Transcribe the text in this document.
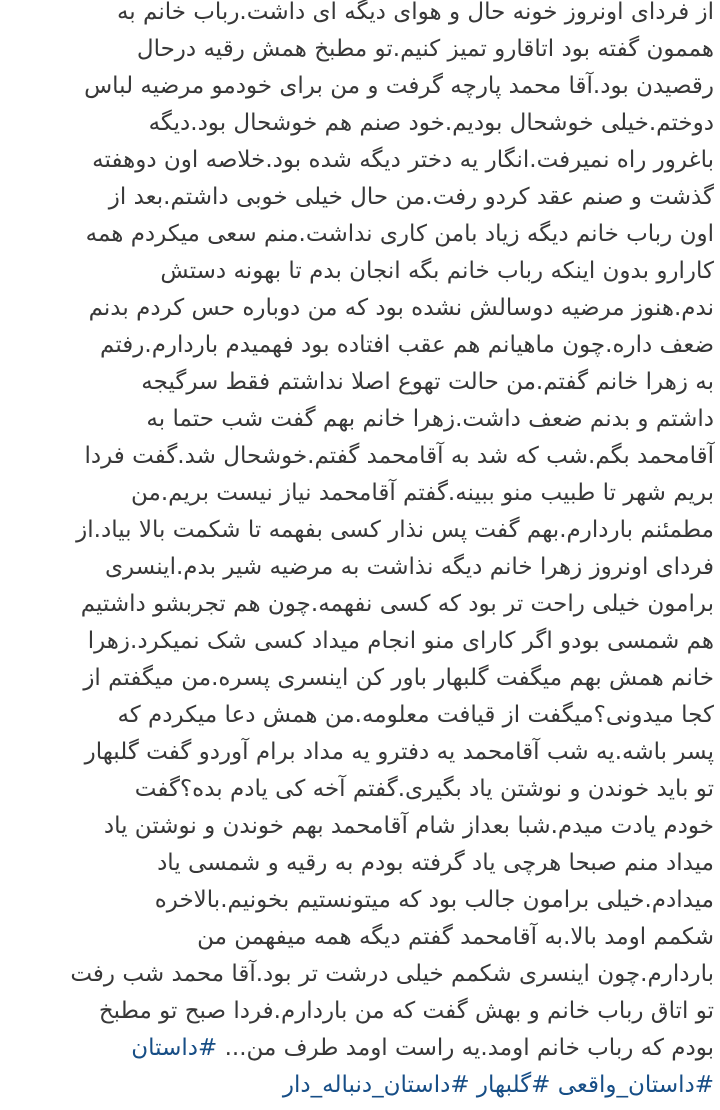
از فردای اونروز خونه حال و هوای دیگه ای داشت.رباب خانم به
هممون گفته بود اتاقارو تمیز کنیم.تو مطبخ همش رقیه درحال
رقصیدن بود.آقا محمد پارچه گرفت و من برای خودمو مرضیه لباس
دوختم.خیلی خوشحال بودیم.خود صنم هم خوشحال بود.دیگه
باغرور راه نمیرفت.انگار یه دختر دیگه شده بود.خلاصه اون دوهفته
گذشت و صنم عقد کردو رفت.من حال خیلی خوبی داشتم.بعد از
اون رباب خانم دیگه زیاد بامن کاری نداشت.منم سعی میکردم همه
کارارو بدون اینکه رباب خانم بگه انجان بدم تا بهونه دستش
ندم.هنوز مرضیه دوسالش نشده بود که من دوباره حس کردم بدنم
ضعف داره.چون ماهیانم هم عقب افتاده بود فهمیدم باردارم.رفتم
به زهرا خانم گفتم.من حالت تهوع اصلا نداشتم فقط سرگیجه
داشتم و بدنم ضعف داشت.زهرا خانم بهم گفت شب حتما به
آقامحمد بگم.شب که شد به آقامحمد گفتم.خوشحال شد.گفت فردا
بریم شهر تا طبیب منو ببینه.گفتم آقامحمد نیاز نیست بریم.من
مطمئنم باردارم.بهم گفت پس نذار کسی بفهمه تا شکمت بالا بیاد.از
فردای اونروز زهرا خانم دیگه نذاشت به مرضیه شیر بدم.اینسری
برامون خیلی راحت تر بود که کسی نفهمه.چون هم تجربشو داشتیم
هم شمسی بودو اگر کارای منو انجام میداد کسی شک نمیکرد.زهرا
خانم همش بهم میگفت گلبهار باور کن اینسری پسره.من میگفتم از
کجا میدونی؟میگفت از قیافت معلومه.من همش دعا میکردم که
پسر باشه.یه شب آقامحمد یه دفترو یه مداد برام آوردو گفت گلبهار
تو باید خوندن و نوشتن یاد بگیری.گفتم آخه کی یادم بده؟گفت
خودم یادت میدم.شبا بعداز شام آقامحمد بهم خوندن و نوشتن یاد
میداد منم صبحا هرچی یاد گرفته بودم به رقیه و شمسی یاد
میدادم.خیلی برامون جالب بود که میتونستیم بخونیم.بالاخره
شکمم اومد بالا.به آقامحمد گفتم دیگه همه میفهمن من
باردارم.چون اینسری شکمم خیلی درشت تر بود.آقا محمد شب رفت
تو اتاق رباب خانم و بهش گفت که من باردارم.فردا صبح تو مطبخ
بودم که رباب خانم اومد.یه راست اومد طرف من... #داستان
#داستان_واقعی #گلبهار #داستان_دنباله_دار
